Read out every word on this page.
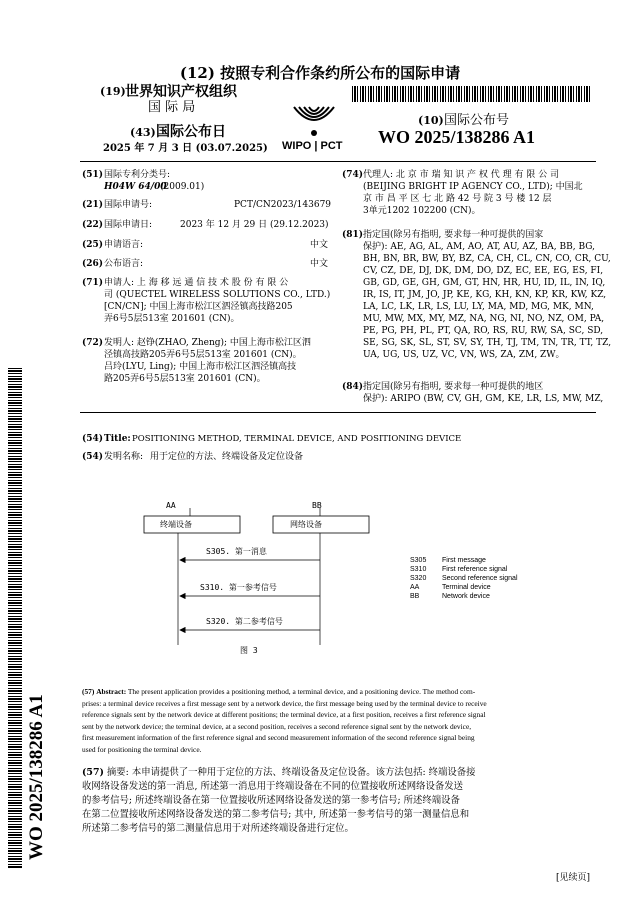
(12) 按照专利合作条约所公布的国际申请
(19) 世界知识产权组织
国 际 局
(43) 国际公布日
2025 年 7 月 3 日 (03.07.2025) WIPO | PCT
(10) 国际公布号
WO 2025/138286 A1
WO 2025/138286 A1
(51) 国际专利分类号:
H04W 64/00
(2009.01)
(21) 国际申请号:	PCT/CN2023/143679
(22) 国际申请日:	2023 年 12 月 29 日 (29.12.2023)
(25) 申请语言:	中文
(26) 公布语言:	中文
(71) 申请人: 上 海 移 远 通 信 技 术 股 份 有 限 公
司 (QUECTEL WIRELESS SOLUTIONS CO., LTD.)
[CN/CN]; 中国上海市松江区泗泾镇高技路205
弄6号5层513室 201601 (CN)。
(72) 发明人: 赵铮(ZHAO, Zheng); 中国上海市松江区泗
泾镇高技路205弄6号5层513室 201601 (CN)。
吕玲(LYU, Ling); 中国上海市松江区泗泾镇高技
路205弄6号5层513室 201601 (CN)。
(74) 代理人: 北 京 市 瑞 知 识 产 权 代 理 有 限 公 司
(BEIJING BRIGHT IP AGENCY CO., LTD); 中国北
京 市 昌 平 区 七 北 路 42 号 院 3 号 楼 12 层
3单元1202 102200 (CN)。
(81) 指定国(除另有指明, 要求每一种可提供的国家
保护): AE, AG, AL, AM, AO, AT, AU, AZ, BA, BB, BG,
BH, BN, BR, BW, BY, BZ, CA, CH, CL, CN, CO, CR, CU,
CV, CZ, DE, DJ, DK, DM, DO, DZ, EC, EE, EG, ES, FI,
GB, GD, GE, GH, GM, GT, HN, HR, HU, ID, IL, IN, IQ,
IR, IS, IT, JM, JO, JP, KE, KG, KH, KN, KP, KR, KW, KZ,
LA, LC, LK, LR, LS, LU, LY, MA, MD, MG, MK, MN,
MU, MW, MX, MY, MZ, NA, NG, NI, NO, NZ, OM, PA,
PE, PG, PH, PL, PT, QA, RO, RS, RU, RW, SA, SC, SD,
SE, SG, SK, SL, ST, SV, SY, TH, TJ, TM, TN, TR, TT, TZ,
UA, UG, US, UZ, VC, VN, WS, ZA, ZM, ZW。
(84) 指定国(除另有指明, 要求每一种可提供的地区
保护): ARIPO (BW, CV, GH, GM, KE, LR, LS, MW, MZ,
(54) Title: POSITIONING METHOD, TERMINAL DEVICE, AND POSITIONING DEVICE
(54) 发明名称: 用于定位的方法、终端设备及定位设备
AA	BB
终端设备	网络设备
S305. 第一消息
S310. 第一参考信号
S320. 第二参考信号
图 3
S305 First message
S310 First reference signal
S320 Second reference signal
AA	Terminal device
BB	Network device
(57) Abstract: The present application provides a positioning method, a terminal device, and a positioning device. The method com-
prises: a terminal device receives a first message sent by a network device, the first message being used by the terminal device to receive
reference signals sent by the network device at different positions; the terminal device, at a first position, receives a first reference signal
sent by the network device; the terminal device, at a second position, receives a second reference signal sent by the network device,
first measurement information of the first reference signal and second measurement information of the second reference signal being
used for positioning the terminal device.
(57) 摘要: 本申请提供了一种用于定位的方法、终端设备及定位设备。该方法包括: 终端设备接
收网络设备发送的第一消息, 所述第一消息用于终端设备在不同的位置接收所述网络设备发送
的参考信号; 所述终端设备在第一位置接收所述网络设备发送的第一参考信号; 所述终端设备
在第二位置接收所述网络设备发送的第二参考信号; 其中, 所述第一参考信号的第一测量信息和
所述第二参考信号的第二测量信息用于对所述终端设备进行定位。
[见续页]
